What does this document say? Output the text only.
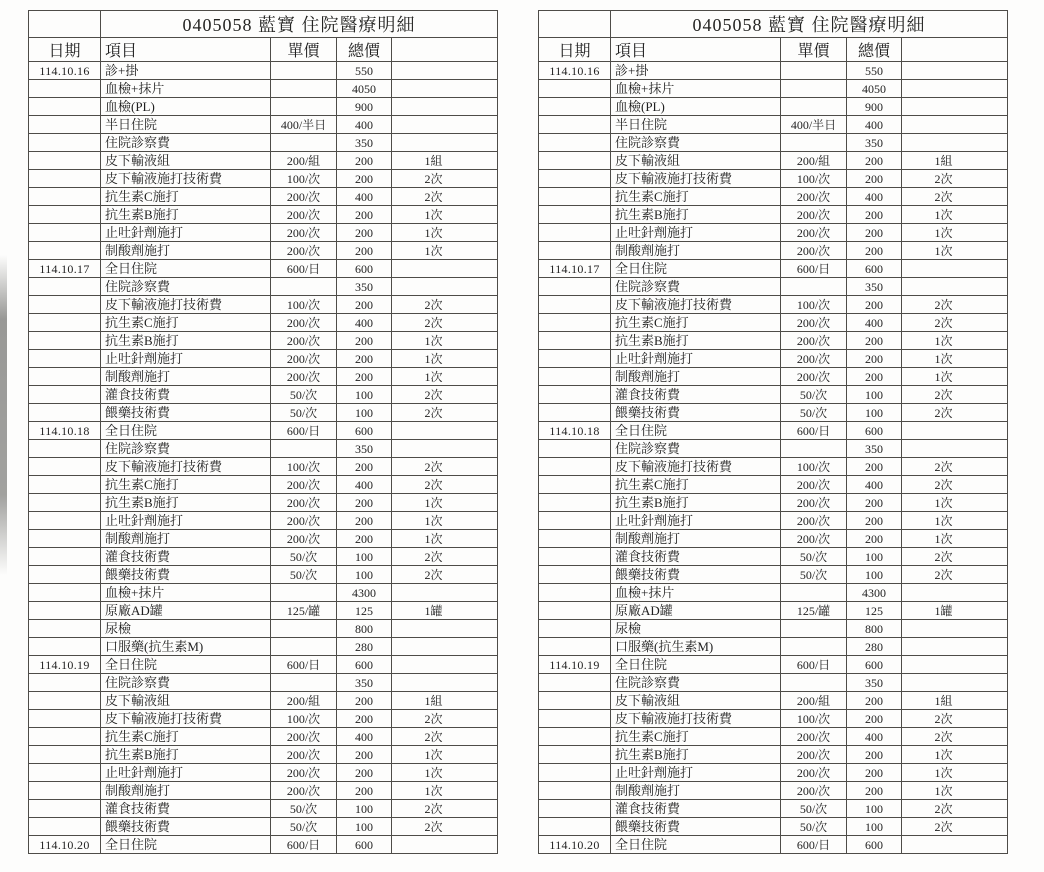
	0405058 藍寶 住院醫療明細			
日期	項目	單價	總價	
114.10.16	診+掛		550	
	血檢+抹片		4050	
	血檢(PL)		900	
	半日住院	400/半日	400	
	住院診察費		350	
	皮下輸液組	200/組	200	1組
	皮下輸液施打技術費	100/次	200	2次
	抗生素C施打	200/次	400	2次
	抗生素B施打	200/次	200	1次
	止吐針劑施打	200/次	200	1次
	制酸劑施打	200/次	200	1次
114.10.17	全日住院	600/日	600	
	住院診察費		350	
	皮下輸液施打技術費	100/次	200	2次
	抗生素C施打	200/次	400	2次
	抗生素B施打	200/次	200	1次
	止吐針劑施打	200/次	200	1次
	制酸劑施打	200/次	200	1次
	灌食技術費	50/次	100	2次
	餵藥技術費	50/次	100	2次
114.10.18	全日住院	600/日	600	
	住院診察費		350	
	皮下輸液施打技術費	100/次	200	2次
	抗生素C施打	200/次	400	2次
	抗生素B施打	200/次	200	1次
	止吐針劑施打	200/次	200	1次
	制酸劑施打	200/次	200	1次
	灌食技術費	50/次	100	2次
	餵藥技術費	50/次	100	2次
	血檢+抹片		4300	
	原廠AD罐	125/罐	125	1罐
	尿檢		800	
	口服藥(抗生素M)		280	
114.10.19	全日住院	600/日	600	
	住院診察費		350	
	皮下輸液組	200/組	200	1組
	皮下輸液施打技術費	100/次	200	2次
	抗生素C施打	200/次	400	2次
	抗生素B施打	200/次	200	1次
	止吐針劑施打	200/次	200	1次
	制酸劑施打	200/次	200	1次
	灌食技術費	50/次	100	2次
	餵藥技術費	50/次	100	2次
114.10.20	全日住院	600/日	600	
	0405058 藍寶 住院醫療明細			
日期	項目	單價	總價	
114.10.16	診+掛		550	
	血檢+抹片		4050	
	血檢(PL)		900	
	半日住院	400/半日	400	
	住院診察費		350	
	皮下輸液組	200/組	200	1組
	皮下輸液施打技術費	100/次	200	2次
	抗生素C施打	200/次	400	2次
	抗生素B施打	200/次	200	1次
	止吐針劑施打	200/次	200	1次
	制酸劑施打	200/次	200	1次
114.10.17	全日住院	600/日	600	
	住院診察費		350	
	皮下輸液施打技術費	100/次	200	2次
	抗生素C施打	200/次	400	2次
	抗生素B施打	200/次	200	1次
	止吐針劑施打	200/次	200	1次
	制酸劑施打	200/次	200	1次
	灌食技術費	50/次	100	2次
	餵藥技術費	50/次	100	2次
114.10.18	全日住院	600/日	600	
	住院診察費		350	
	皮下輸液施打技術費	100/次	200	2次
	抗生素C施打	200/次	400	2次
	抗生素B施打	200/次	200	1次
	止吐針劑施打	200/次	200	1次
	制酸劑施打	200/次	200	1次
	灌食技術費	50/次	100	2次
	餵藥技術費	50/次	100	2次
	血檢+抹片		4300	
	原廠AD罐	125/罐	125	1罐
	尿檢		800	
	口服藥(抗生素M)		280	
114.10.19	全日住院	600/日	600	
	住院診察費		350	
	皮下輸液組	200/組	200	1組
	皮下輸液施打技術費	100/次	200	2次
	抗生素C施打	200/次	400	2次
	抗生素B施打	200/次	200	1次
	止吐針劑施打	200/次	200	1次
	制酸劑施打	200/次	200	1次
	灌食技術費	50/次	100	2次
	餵藥技術費	50/次	100	2次
114.10.20	全日住院	600/日	600	
